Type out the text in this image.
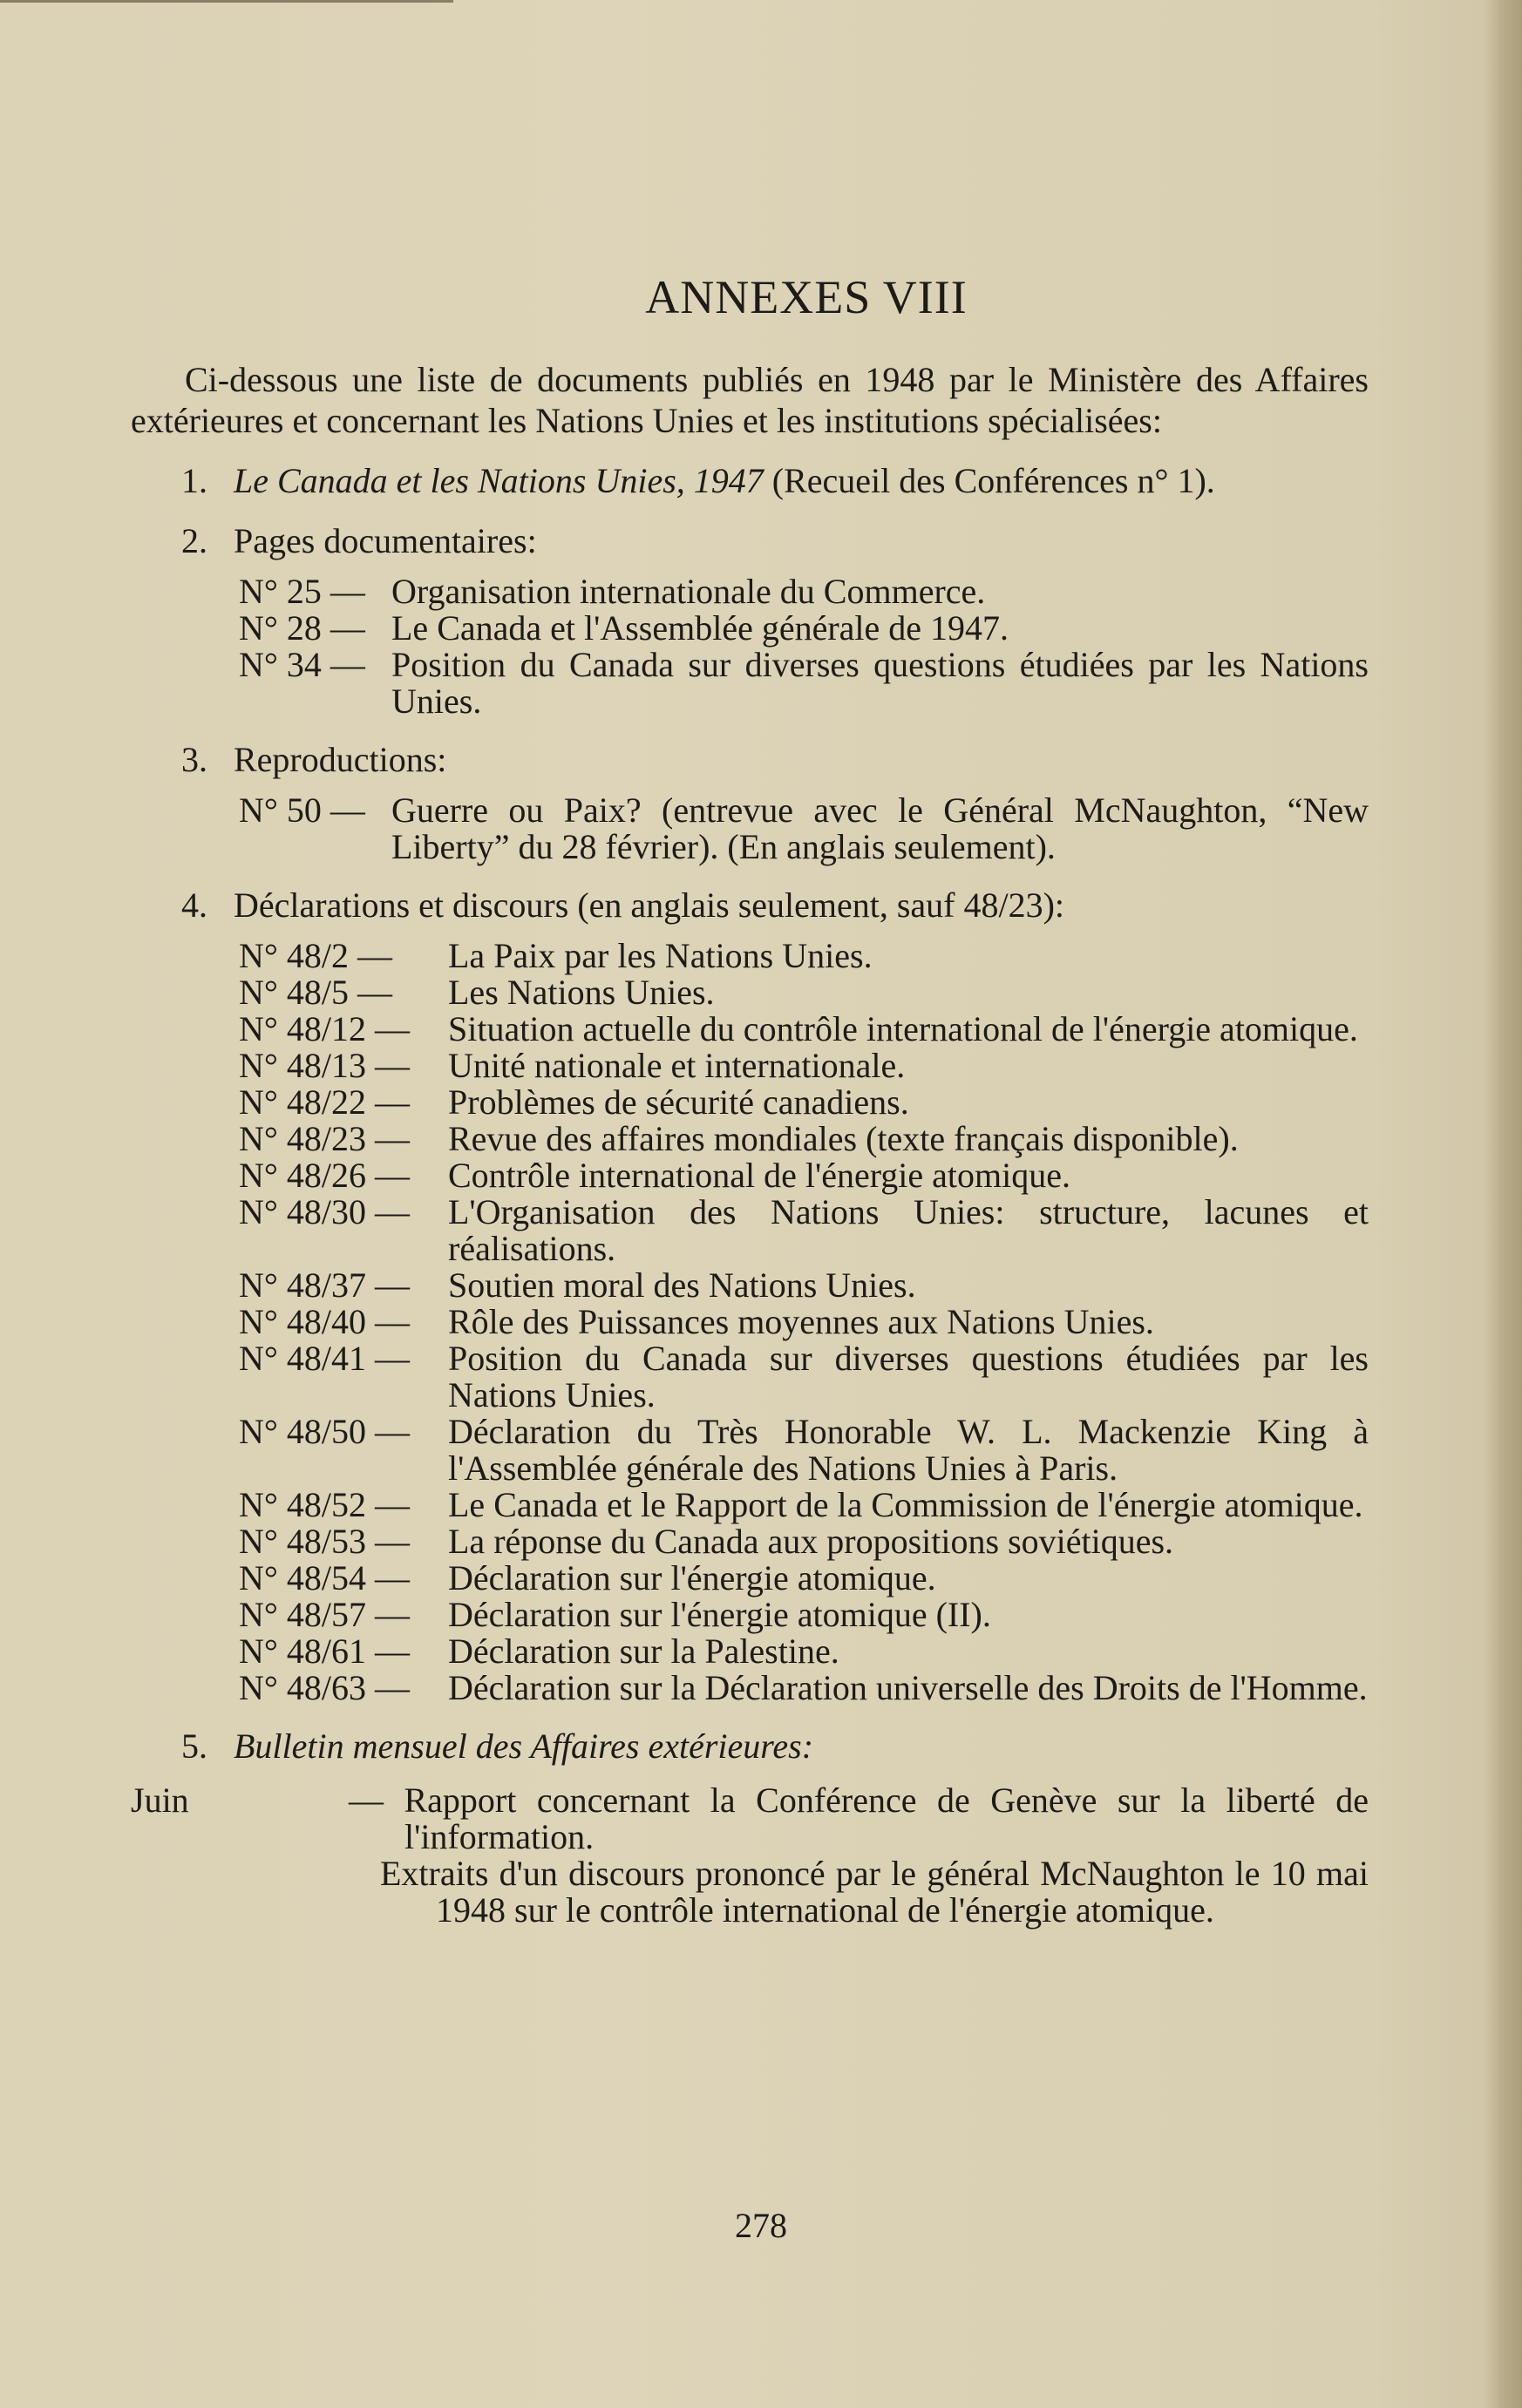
ANNEXES VIII
Ci-dessous une liste de documents publiés en 1948 par le Ministère des Affaires extérieures et concernant les Nations Unies et les institutions spécialisées:
1. Le Canada et les Nations Unies, 1947 (Recueil des Conférences n° 1).
2. Pages documentaires:
N° 25 — Organisation internationale du Commerce.
N° 28 — Le Canada et l'Assemblée générale de 1947.
N° 34 — Position du Canada sur diverses questions étudiées par les Nations Unies.
3. Reproductions:
N° 50 — Guerre ou Paix? (entrevue avec le Général McNaughton, “New Liberty” du 28 février). (En anglais seulement).
4. Déclarations et discours (en anglais seulement, sauf 48/23):
N° 48/2 —	La Paix par les Nations Unies.
N° 48/5 —	Les Nations Unies.
N° 48/12 —	Situation actuelle du contrôle international de l'énergie atomique.
N° 48/13 —	Unité nationale et internationale.
N° 48/22 —	Problèmes de sécurité canadiens.
N° 48/23 —	Revue des affaires mondiales (texte français disponible).
N° 48/26 —	Contrôle international de l'énergie atomique.
N° 48/30 —	L'Organisation des Nations Unies: structure, lacunes et réalisations.
N° 48/37 —	Soutien moral des Nations Unies.
N° 48/40 —	Rôle des Puissances moyennes aux Nations Unies.
N° 48/41 —	Position du Canada sur diverses questions étudiées par les Nations Unies.
N° 48/50 —	Déclaration du Très Honorable W. L. Mackenzie King à l'Assemblée générale des Nations Unies à Paris.
N° 48/52 —	Le Canada et le Rapport de la Commission de l'énergie atomique.
N° 48/53 —	La réponse du Canada aux propositions soviétiques.
N° 48/54 —	Déclaration sur l'énergie atomique.
N° 48/57 —	Déclaration sur l'énergie atomique (II).
N° 48/61 —	Déclaration sur la Palestine.
N° 48/63 —	Déclaration sur la Déclaration universelle des Droits de l'Homme.
5. Bulletin mensuel des Affaires extérieures:
Juin	— Rapport concernant la Conférence de Genève sur la liberté de l'information.
Extraits d'un discours prononcé par le général McNaughton le 10 mai 1948 sur le contrôle international de l'énergie atomique.
278
